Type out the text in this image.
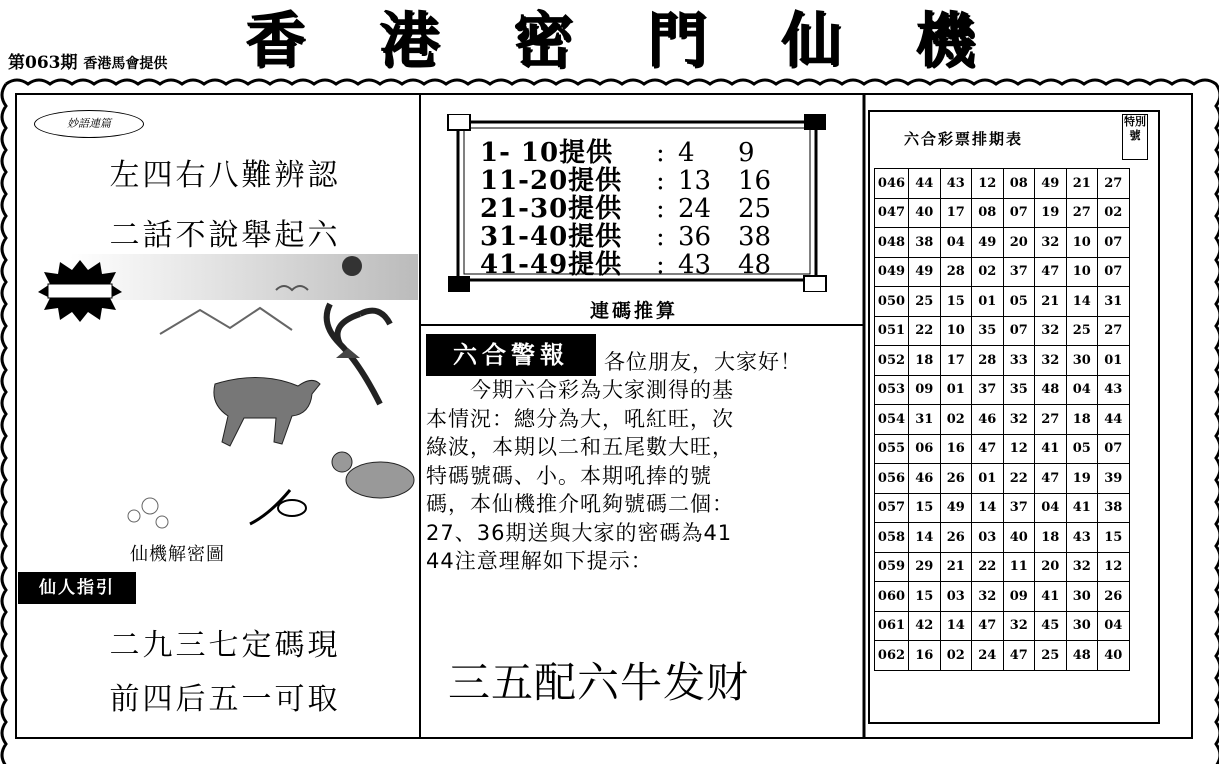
第063期 香港馬會提供 香 港 密 門 仙 機
妙語連篇
左四右八難辨認
二話不說舉起六
仙機解密圖
仙人指引
二九三七定碼現
前四后五一可取
1- 10提供 : 4 9
11-20提供 : 13 16
21-30提供 : 24 25
31-40提供 : 36 38
41-49提供 : 43 48
連碼推算
六合警報	各位朋友，大家好！
　　今期六合彩為大家測得的基
本情況：總分為大，吼紅旺，次
綠波，本期以二和五尾數大旺，
特碼號碼、小。本期吼捧的號
碼，本仙機推介吼夠號碼二個：
27、36期送與大家的密碼為41
44注意理解如下提示：
三五配六牛发财
六合彩票排期表
特別號
046	44	43	12	08	49	21	27
047	40	17	08	07	19	27	02
048	38	04	49	20	32	10	07
049	49	28	02	37	47	10	07
050	25	15	01	05	21	14	31
051	22	10	35	07	32	25	27
052	18	17	28	33	32	30	01
053	09	01	37	35	48	04	43
054	31	02	46	32	27	18	44
055	06	16	47	12	41	05	07
056	46	26	01	22	47	19	39
057	15	49	14	37	04	41	38
058	14	26	03	40	18	43	15
059	29	21	22	11	20	32	12
060	15	03	32	09	41	30	26
061	42	14	47	32	45	30	04
062	16	02	24	47	25	48	40
